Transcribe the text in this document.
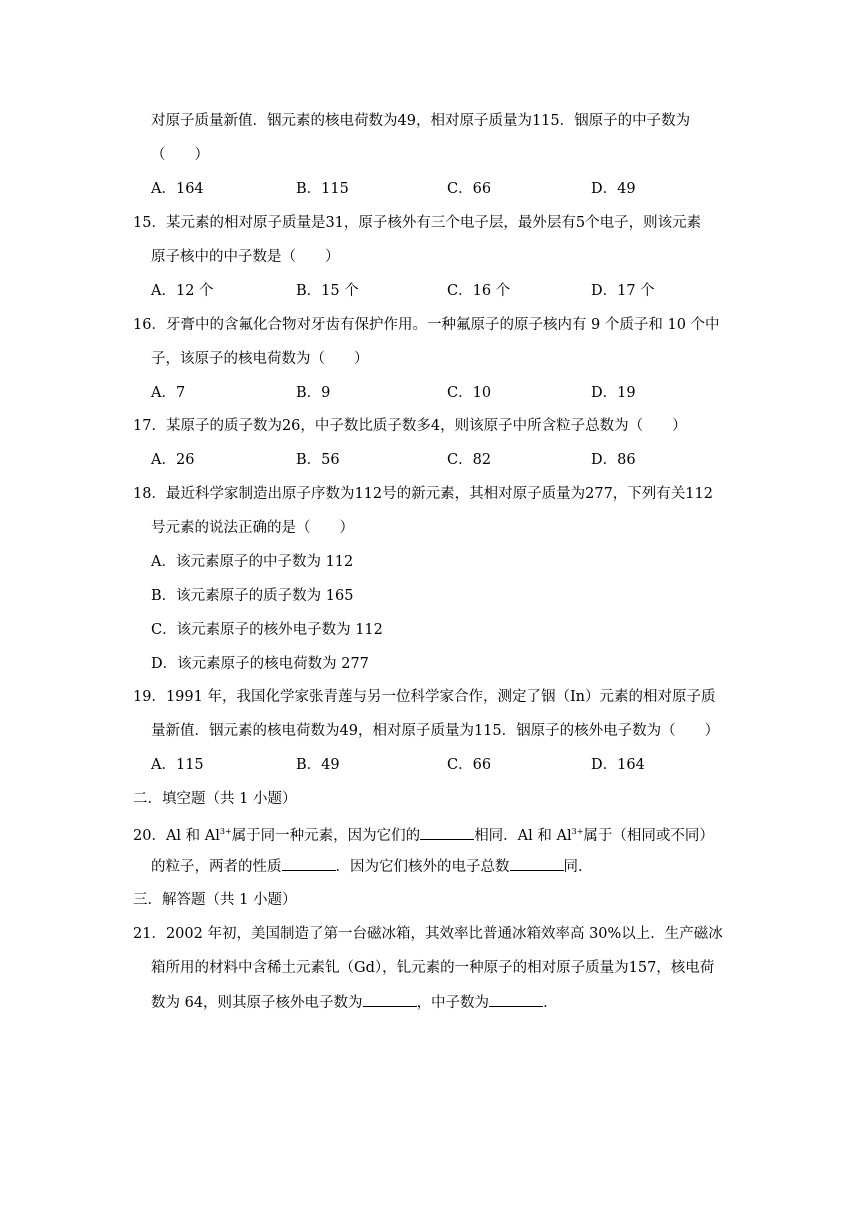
对原子质量新值．铟元素的核电荷数为49，相对原子质量为115．铟原子的中子数为
（　　）
A．164	B．115	C．66	D．49
15．某元素的相对原子质量是31，原子核外有三个电子层，最外层有5个电子，则该元素
原子核中的中子数是（　　）
A．12 个	B．15 个	C．16 个	D．17 个
16．牙膏中的含氟化合物对牙齿有保护作用。一种氟原子的原子核内有 9 个质子和 10 个中
子，该原子的核电荷数为（　　）
A．7	B．9	C．10	D．19
17．某原子的质子数为26，中子数比质子数多4，则该原子中所含粒子总数为（　　）
A．26	B．56	C．82	D．86
18．最近科学家制造出原子序数为112号的新元素，其相对原子质量为277，下列有关112
号元素的说法正确的是（　　）
A．该元素原子的中子数为 112
B．该元素原子的质子数为 165
C．该元素原子的核外电子数为 112
D．该元素原子的核电荷数为 277
19．1991 年，我国化学家张青莲与另一位科学家合作，测定了铟（In）元素的相对原子质
量新值．铟元素的核电荷数为49，相对原子质量为115．铟原子的核外电子数为（　　）
A．115	B．49	C．66	D．164
二．填空题（共 1 小题）
20．Al 和 $Al^{3+}$属于同一种元素，因为它们的	相同．Al 和 $Al^{3+}$属于（相同或不同）
的粒子，两者的性质	．因为它们核外的电子总数	同．
三．解答题（共 1 小题）
21．2002 年初，美国制造了第一台磁冰箱，其效率比普通冰箱效率高 30%以上．生产磁冰
箱所用的材料中含稀土元素钆（Gd），钆元素的一种原子的相对原子质量为157，核电荷
数为 64，则其原子核外电子数为	，中子数为	．
